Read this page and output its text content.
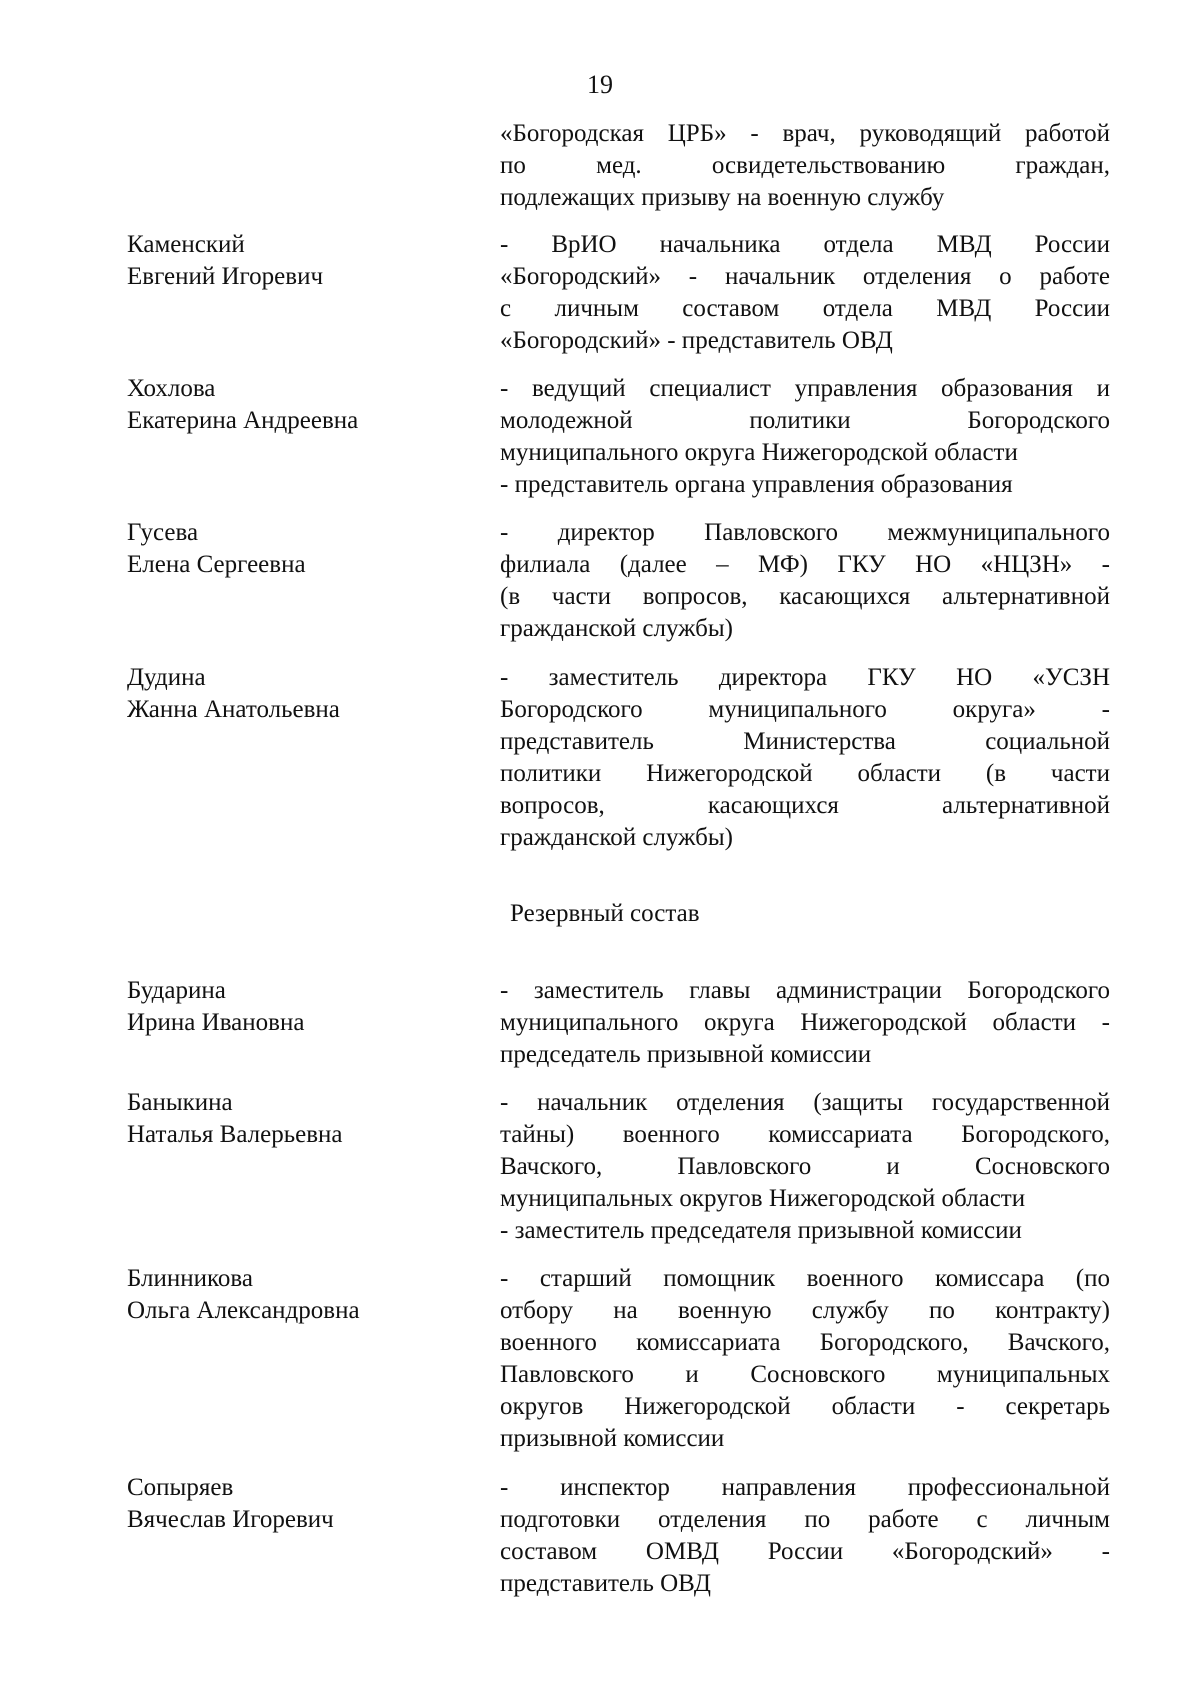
19
«Богородская ЦРБ» - врач, руководящий работой
по мед. освидетельствованию граждан,
подлежащих призыву на военную службу
Каменский
Евгений Игоревич
- ВрИО начальника отдела МВД России
«Богородский» - начальник отделения о работе
с личным составом отдела МВД России
«Богородский» - представитель ОВД
Хохлова
Екатерина Андреевна
- ведущий специалист управления образования и
молодежной политики Богородского
муниципального округа Нижегородской области
- представитель органа управления образования
Гусева
Елена Сергеевна
- директор Павловского межмуниципального
филиала (далее – МФ) ГКУ НО «НЦЗН» -
(в части вопросов, касающихся альтернативной
гражданской службы)
Дудина
Жанна Анатольевна
- заместитель директора ГКУ НО «УСЗН
Богородского муниципального округа» -
представитель Министерства социальной
политики Нижегородской области (в части
вопросов, касающихся альтернативной
гражданской службы)
Резервный состав
Бударина
Ирина Ивановна
- заместитель главы администрации Богородского
муниципального округа Нижегородской области -
председатель призывной комиссии
Баныкина
Наталья Валерьевна
- начальник отделения (защиты государственной
тайны) военного комиссариата Богородского,
Вачского, Павловского и Сосновского
муниципальных округов Нижегородской области
- заместитель председателя призывной комиссии
Блинникова
Ольга Александровна
- старший помощник военного комиссара (по
отбору на военную службу по контракту)
военного комиссариата Богородского, Вачского,
Павловского и Сосновского муниципальных
округов Нижегородской области - секретарь
призывной комиссии
Сопыряев
Вячеслав Игоревич
- инспектор направления профессиональной
подготовки отделения по работе с личным
составом ОМВД России «Богородский» -
представитель ОВД
